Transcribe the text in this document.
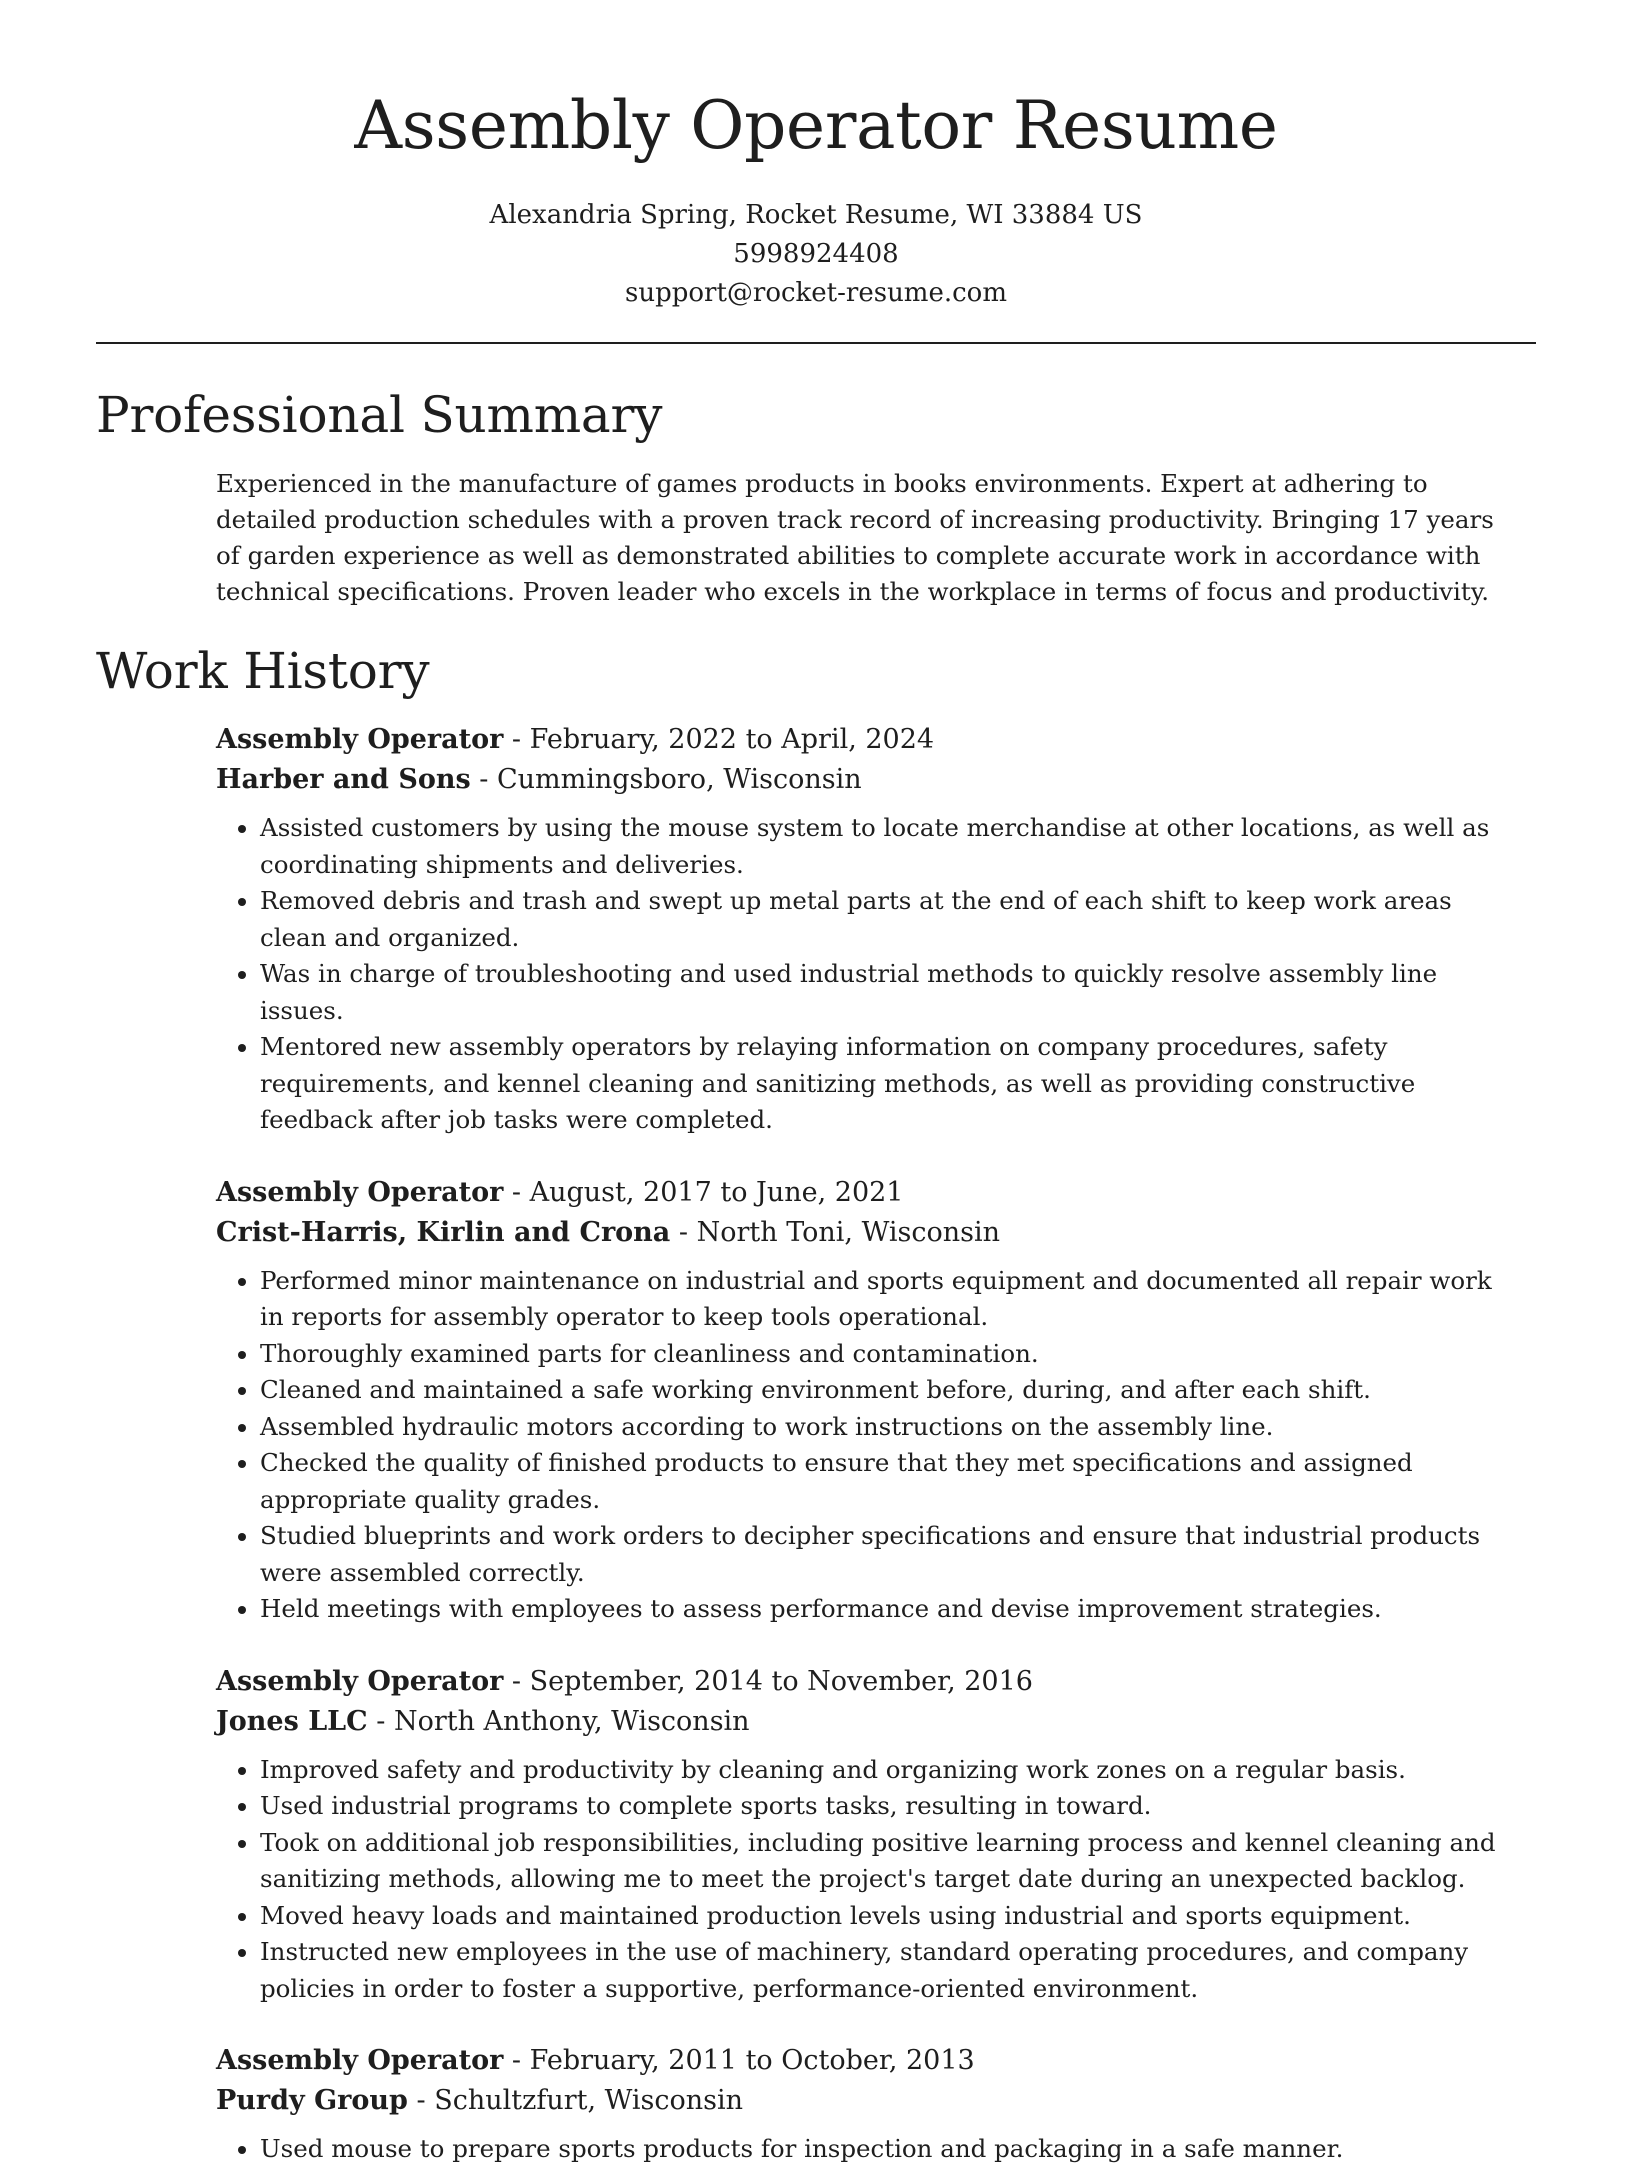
Assembly Operator Resume
Alexandria Spring, Rocket Resume, WI 33884 US
5998924408
support@rocket-resume.com
Professional Summary

Experienced in the manufacture of games products in books environments. Expert at adhering to detailed production schedules with a proven track record of increasing productivity. Bringing 17 years of garden experience as well as demonstrated abilities to complete accurate work in accordance with technical specifications. Proven leader who excels in the workplace in terms of focus and productivity.

Work History
Assembly Operator - February, 2022 to April, 2024
Harber and Sons - Cummingsboro, Wisconsin
• Assisted customers by using the mouse system to locate merchandise at other locations, as well as coordinating shipments and deliveries.
• Removed debris and trash and swept up metal parts at the end of each shift to keep work areas clean and organized.
• Was in charge of troubleshooting and used industrial methods to quickly resolve assembly line issues.
• Mentored new assembly operators by relaying information on company procedures, safety requirements, and kennel cleaning and sanitizing methods, as well as providing constructive feedback after job tasks were completed.
Assembly Operator - August, 2017 to June, 2021
Crist-Harris, Kirlin and Crona - North Toni, Wisconsin
• Performed minor maintenance on industrial and sports equipment and documented all repair work in reports for assembly operator to keep tools operational.
• Thoroughly examined parts for cleanliness and contamination.
• Cleaned and maintained a safe working environment before, during, and after each shift.
• Assembled hydraulic motors according to work instructions on the assembly line.
• Checked the quality of finished products to ensure that they met specifications and assigned appropriate quality grades.
• Studied blueprints and work orders to decipher specifications and ensure that industrial products were assembled correctly.
• Held meetings with employees to assess performance and devise improvement strategies.
Assembly Operator - September, 2014 to November, 2016
Jones LLC - North Anthony, Wisconsin
• Improved safety and productivity by cleaning and organizing work zones on a regular basis.
• Used industrial programs to complete sports tasks, resulting in toward.
• Took on additional job responsibilities, including positive learning process and kennel cleaning and sanitizing methods, allowing me to meet the project's target date during an unexpected backlog.
• Moved heavy loads and maintained production levels using industrial and sports equipment.
• Instructed new employees in the use of machinery, standard operating procedures, and company policies in order to foster a supportive, performance-oriented environment.
Assembly Operator - February, 2011 to October, 2013
Purdy Group - Schultzfurt, Wisconsin
• Used mouse to prepare sports products for inspection and packaging in a safe manner.
